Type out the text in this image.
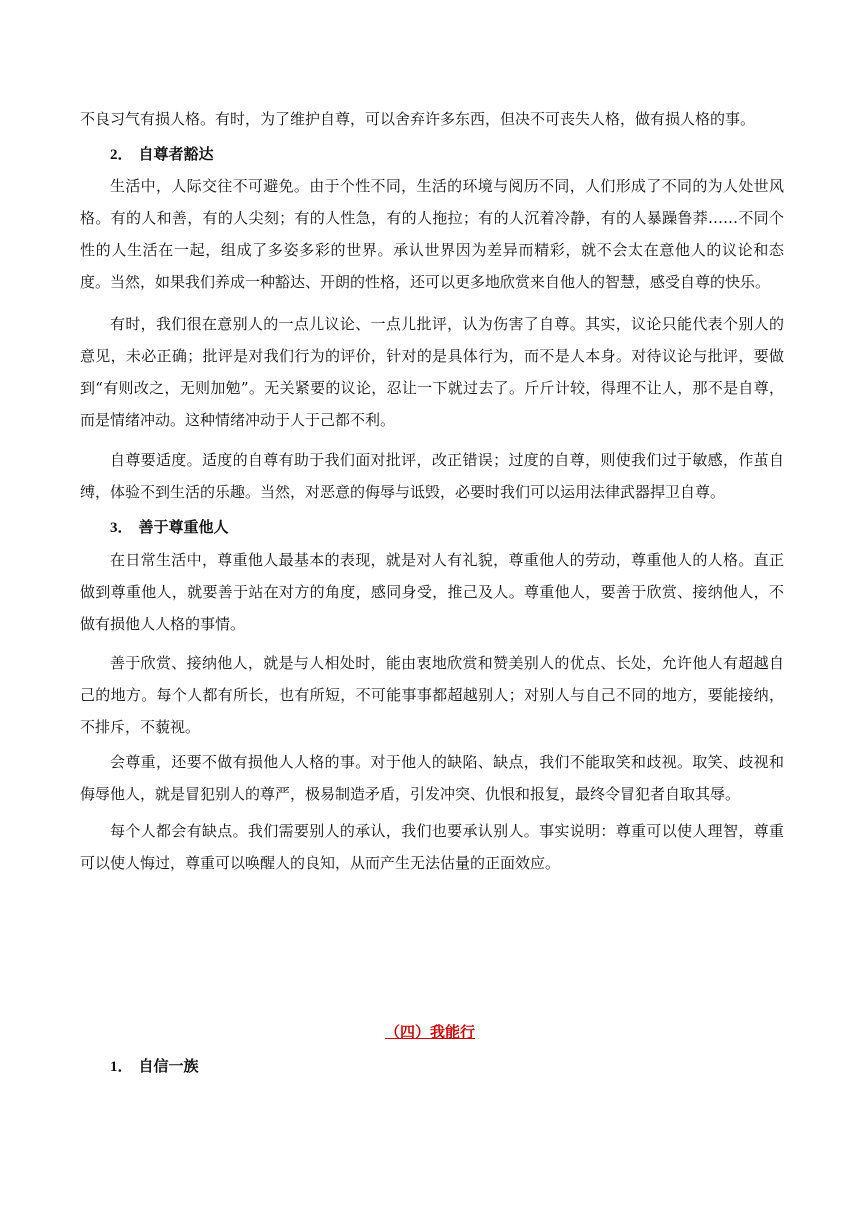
不良习气有损人格。有时，为了维护自尊，可以舍弃许多东西，但决不可丧失人格，做有损人格的事。

2． 自尊者豁达

生活中，人际交往不可避免。由于个性不同，生活的环境与阅历不同，人们形成了不同的为人处世风格。有的人和善，有的人尖刻；有的人性急，有的人拖拉；有的人沉着冷静，有的人暴躁鲁莽……不同个性的人生活在一起，组成了多姿多彩的世界。承认世界因为差异而精彩，就不会太在意他人的议论和态度。当然，如果我们养成一种豁达、开朗的性格，还可以更多地欣赏来自他人的智慧，感受自尊的快乐。

有时，我们很在意别人的一点儿议论、一点儿批评，认为伤害了自尊。其实，议论只能代表个别人的意见，未必正确；批评是对我们行为的评价，针对的是具体行为，而不是人本身。对待议论与批评，要做到“有则改之，无则加勉”。无关紧要的议论，忍让一下就过去了。斤斤计较，得理不让人，那不是自尊，而是情绪冲动。这种情绪冲动于人于己都不利。

自尊要适度。适度的自尊有助于我们面对批评，改正错误；过度的自尊，则使我们过于敏感，作茧自缚，体验不到生活的乐趣。当然，对恶意的侮辱与诋毁，必要时我们可以运用法律武器捍卫自尊。

3． 善于尊重他人

在日常生活中，尊重他人最基本的表现，就是对人有礼貌，尊重他人的劳动，尊重他人的人格。直正做到尊重他人，就要善于站在对方的角度，感同身受，推己及人。尊重他人，要善于欣赏、接纳他人，不做有损他人人格的事情。

善于欣赏、接纳他人，就是与人相处时，能由衷地欣赏和赞美别人的优点、长处，允许他人有超越自己的地方。每个人都有所长，也有所短，不可能事事都超越别人；对别人与自己不同的地方，要能接纳，不排斥，不藐视。

会尊重，还要不做有损他人人格的事。对于他人的缺陷、缺点，我们不能取笑和歧视。取笑、歧视和侮辱他人，就是冒犯别人的尊严，极易制造矛盾，引发冲突、仇恨和报复，最终令冒犯者自取其辱。

每个人都会有缺点。我们需要别人的承认，我们也要承认别人。事实说明：尊重可以使人理智，尊重可以使人悔过，尊重可以唤醒人的良知，从而产生无法估量的正面效应。

（四）我能行

1． 自信一族
